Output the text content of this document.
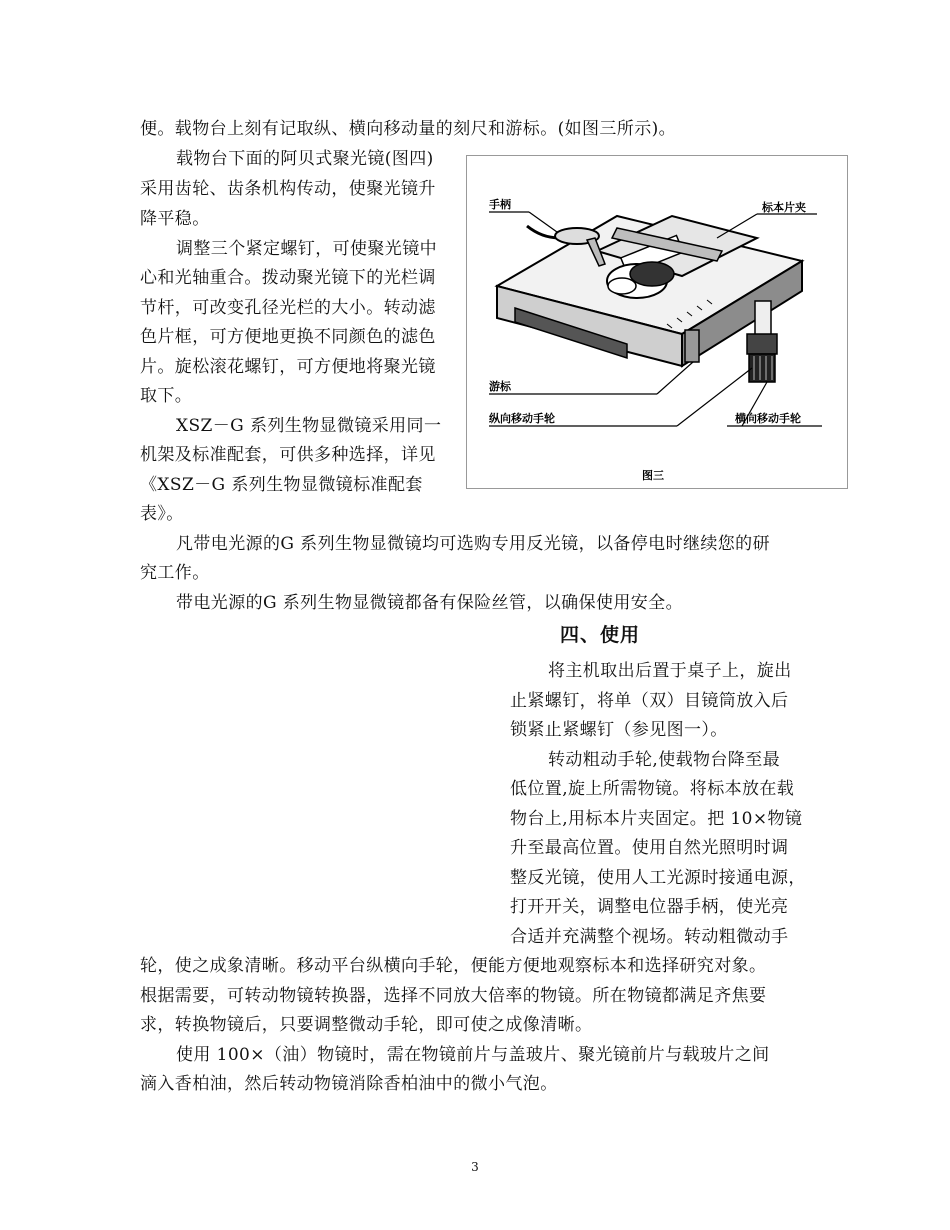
便。载物台上刻有记取纵、横向移动量的刻尺和游标。(如图三所示)。

载物台下面的阿贝式聚光镜(图四)

采用齿轮、齿条机构传动，使聚光镜升

降平稳。

调整三个紧定螺钉，可使聚光镜中

心和光轴重合。拨动聚光镜下的光栏调

节杆，可改变孔径光栏的大小。转动滤

色片框，可方便地更换不同颜色的滤色

片。旋松滚花螺钉，可方便地将聚光镜

取下。

XSZ－G 系列生物显微镜采用同一

机架及标准配套，可供多种选择，详见

《XSZ－G 系列生物显微镜标准配套

表》。

凡带电光源的G 系列生物显微镜均可选购专用反光镜，以备停电时继续您的研

究工作。

带电光源的G 系列生物显微镜都备有保险丝管，以确保使用安全。

四、使用

将主机取出后置于桌子上，旋出

止紧螺钉，将单（双）目镜筒放入后

锁紧止紧螺钉（参见图一）。

转动粗动手轮,使载物台降至最

低位置,旋上所需物镜。将标本放在载

物台上,用标本片夹固定。把 10×物镜

升至最高位置。使用自然光照明时调

整反光镜，使用人工光源时接通电源，

打开开关，调整电位器手柄，使光亮

合适并充满整个视场。转动粗微动手

轮，使之成象清晰。移动平台纵横向手轮，便能方便地观察标本和选择研究对象。

根据需要，可转动物镜转换器，选择不同放大倍率的物镜。所在物镜都满足齐焦要

求，转换物镜后，只要调整微动手轮，即可使之成像清晰。

使用 100×（油）物镜时，需在物镜前片与盖玻片、聚光镜前片与载玻片之间

滴入香柏油，然后转动物镜消除香柏油中的微小气泡。

手柄	标本片夹
游标
纵向移动手轮	横向移动手轮
图三
3
